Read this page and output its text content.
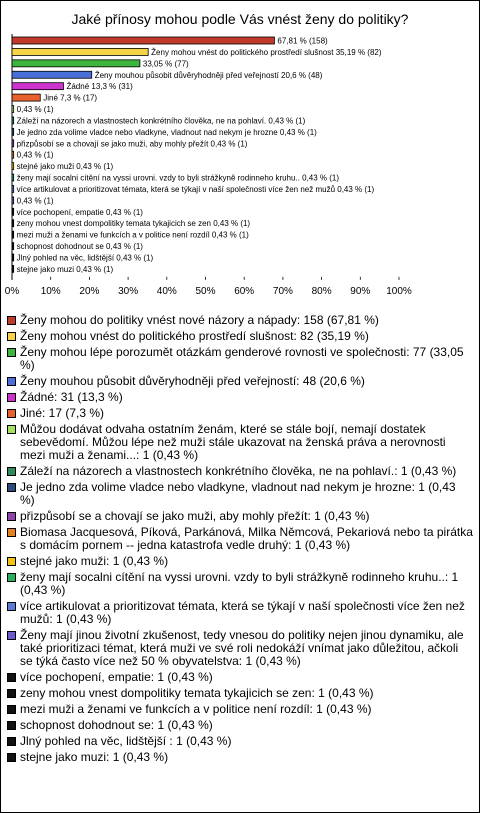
Jaké přínosy mohou podle Vás vnést ženy do politiky?
67,81 % (158)
Ženy mohou vnést do politického prostředí slušnost 35,19 % (82)
33,05 % (77)
Ženy mouhou působit důvěryhodněji před veřejností 20,6 % (48)
Žádné 13,3 % (31)
Jiné 7,3 % (17)
0,43 % (1)
Záleží na názorech a vlastnostech konkrétního člověka, ne na pohlaví. 0,43 % (1)
Je jedno zda volime vladce nebo vladkyne, vladnout nad nekym je hrozne 0,43 % (1)
přizpůsobí se a chovají se jako muži, aby mohly přežít 0,43 % (1)
0,43 % (1)
stejné jako muži 0,43 % (1)
ženy mají socalni cítění na vyssi urovni. vzdy to byli strážkyně rodinneho kruhu.. 0,43 % (1)
více artikulovat a prioritizovat témata, která se týkají v naší společnosti více žen než mužů 0,43 % (1)
0,43 % (1)
více pochopení, empatie 0,43 % (1)
zeny mohou vnest dompolitiky temata tykajicich se zen 0,43 % (1)
mezi muži a ženami ve funkcích a v politice není rozdíl 0,43 % (1)
schopnost dohodnout se 0,43 % (1)
Jlný pohled na věc, lidštější 0,43 % (1)
stejne jako muzi 0,43 % (1)
0% 10% 20% 30% 40% 50% 60% 70% 80% 90% 100%
Ženy mohou do politiky vnést nové názory a nápady: 158 (67,81 %)
Ženy mohou vnést do politického prostředí slušnost: 82 (35,19 %)
Ženy mohou lépe porozumět otázkám genderové rovnosti ve společnosti: 77 (33,05 %)
Ženy mouhou působit důvěryhodněji před veřejností: 48 (20,6 %)
Žádné: 31 (13,3 %)
Jiné: 17 (7,3 %)
Můžou dodávat odvaha ostatním ženám, které se stále bojí, nemají dostatek sebevědomí. Můžou lépe než muži stále ukazovat na ženská práva a nerovnosti mezi muži a ženami...: 1 (0,43 %)
Záleží na názorech a vlastnostech konkrétního člověka, ne na pohlaví.: 1 (0,43 %)
Je jedno zda volime vladce nebo vladkyne, vladnout nad nekym je hrozne: 1 (0,43 %)
přizpůsobí se a chovají se jako muži, aby mohly přežít: 1 (0,43 %)
Biomasa Jacquesová, Píková, Parkánová, Milka Němcová, Pekariová nebo ta pirátka s domácím pornem -- jedna katastrofa vedle druhý: 1 (0,43 %)
stejné jako muži: 1 (0,43 %)
ženy mají socalni cítění na vyssi urovni. vzdy to byli strážkyně rodinneho kruhu..: 1 (0,43 %)
více artikulovat a prioritizovat témata, která se týkají v naší společnosti více žen než mužů: 1 (0,43 %)
Ženy mají jinou životní zkušenost, tedy vnesou do politiky nejen jinou dynamiku, ale také prioritizaci témat, která muži ve své roli nedokáží vnímat jako důležitou, ačkoli se týká často více než 50 % obyvatelstva: 1 (0,43 %)
více pochopení, empatie: 1 (0,43 %)
zeny mohou vnest dompolitiky temata tykajicich se zen: 1 (0,43 %)
mezi muži a ženami ve funkcích a v politice není rozdíl: 1 (0,43 %)
schopnost dohodnout se: 1 (0,43 %)
Jlný pohled na věc, lidštější : 1 (0,43 %)
stejne jako muzi: 1 (0,43 %)
